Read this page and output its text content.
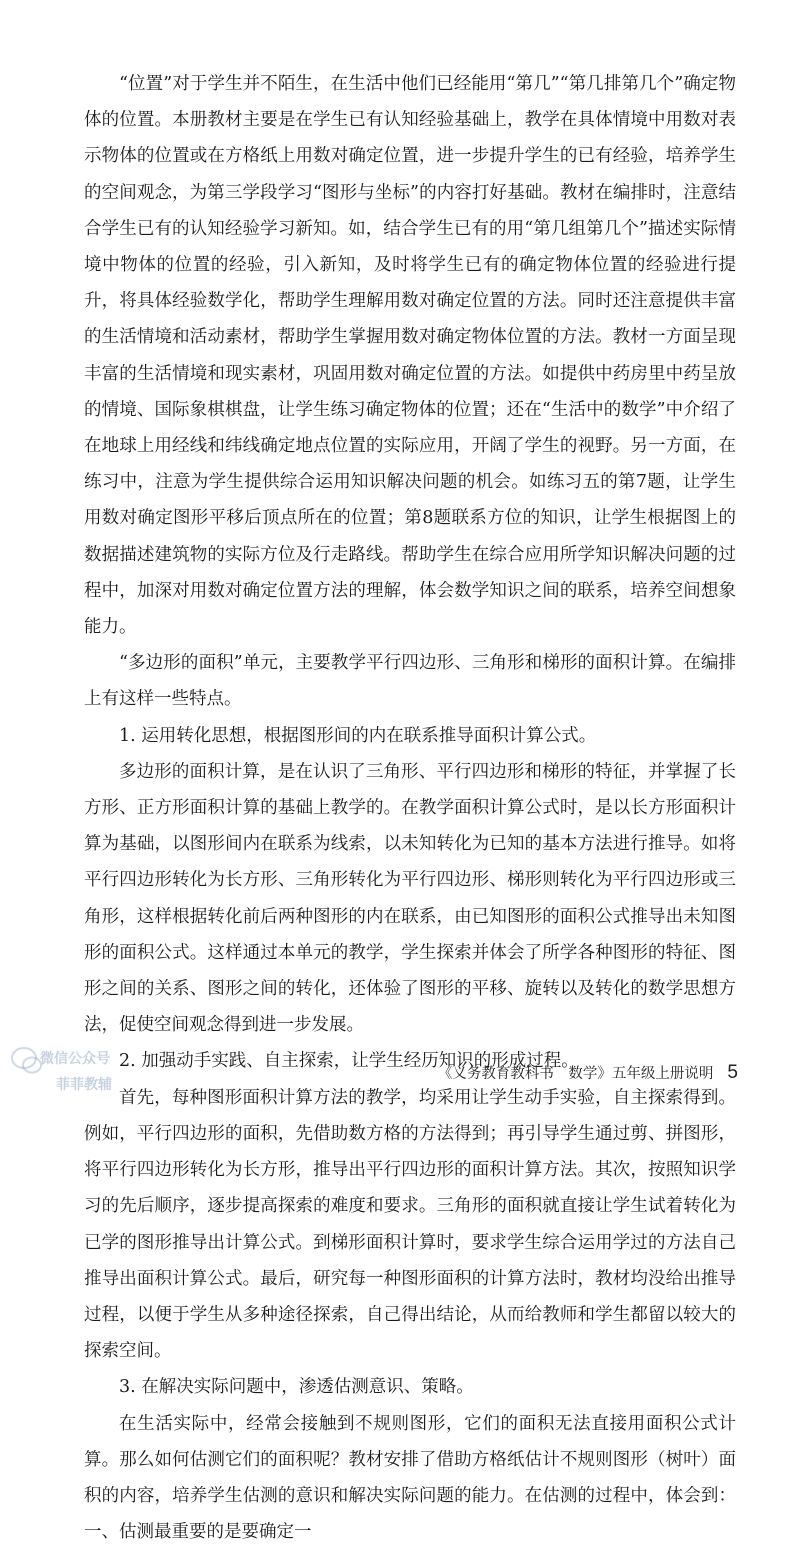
“位置”对于学生并不陌生，在生活中他们已经能用“第几”“第几排第几个”确定物体的位置。本册教材主要是在学生已有认知经验基础上，教学在具体情境中用数对表示物体的位置或在方格纸上用数对确定位置，进一步提升学生的已有经验，培养学生的空间观念，为第三学段学习“图形与坐标”的内容打好基础。教材在编排时，注意结合学生已有的认知经验学习新知。如，结合学生已有的用“第几组第几个”描述实际情境中物体的位置的经验，引入新知，及时将学生已有的确定物体位置的经验进行提升，将具体经验数学化，帮助学生理解用数对确定位置的方法。同时还注意提供丰富的生活情境和活动素材，帮助学生掌握用数对确定物体位置的方法。教材一方面呈现丰富的生活情境和现实素材，巩固用数对确定位置的方法。如提供中药房里中药呈放的情境、国际象棋棋盘，让学生练习确定物体的位置；还在“生活中的数学”中介绍了在地球上用经线和纬线确定地点位置的实际应用，开阔了学生的视野。另一方面，在练习中，注意为学生提供综合运用知识解决问题的机会。如练习五的第7题，让学生用数对确定图形平移后顶点所在的位置；第8题联系方位的知识，让学生根据图上的数据描述建筑物的实际方位及行走路线。帮助学生在综合应用所学知识解决问题的过程中，加深对用数对确定位置方法的理解，体会数学知识之间的联系，培养空间想象能力。

“多边形的面积”单元，主要教学平行四边形、三角形和梯形的面积计算。在编排上有这样一些特点。

1. 运用转化思想，根据图形间的内在联系推导面积计算公式。

多边形的面积计算，是在认识了三角形、平行四边形和梯形的特征，并掌握了长方形、正方形面积计算的基础上教学的。在教学面积计算公式时，是以长方形面积计算为基础，以图形间内在联系为线索，以未知转化为已知的基本方法进行推导。如将平行四边形转化为长方形、三角形转化为平行四边形、梯形则转化为平行四边形或三角形，这样根据转化前后两种图形的内在联系，由已知图形的面积公式推导出未知图形的面积公式。这样通过本单元的教学，学生探索并体会了所学各种图形的特征、图形之间的关系、图形之间的转化，还体验了图形的平移、旋转以及转化的数学思想方法，促使空间观念得到进一步发展。

2. 加强动手实践、自主探索，让学生经历知识的形成过程。

首先，每种图形面积计算方法的教学，均采用让学生动手实验，自主探索得到。例如，平行四边形的面积，先借助数方格的方法得到；再引导学生通过剪、拼图形，将平行四边形转化为长方形，推导出平行四边形的面积计算方法。其次，按照知识学习的先后顺序，逐步提高探索的难度和要求。三角形的面积就直接让学生试着转化为已学的图形推导出计算公式。到梯形面积计算时，要求学生综合运用学过的方法自己推导出面积计算公式。最后，研究每一种图形面积的计算方法时，教材均没给出推导过程，以便于学生从多种途径探索，自己得出结论，从而给教师和学生都留以较大的探索空间。

3. 在解决实际问题中，渗透估测意识、策略。

在生活实际中，经常会接触到不规则图形，它们的面积无法直接用面积公式计算。那么如何估测它们的面积呢？教材安排了借助方格纸估计不规则图形（树叶）面积的内容，培养学生估测的意识和解决实际问题的能力。在估测的过程中，体会到：一、估测最重要的是要确定一

《义务教育教科书　数学》五年级上册说明 5
微信公众号
菲菲教辅
